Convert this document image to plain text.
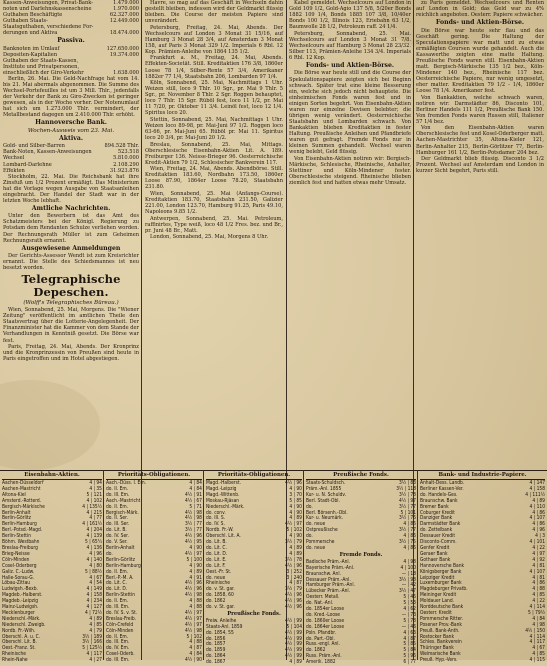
Kassen-Anweisungen, Privat-Bank-	1.479.000
noten und Darlehnskassenscheine	1.970.000
Guthaben Beschäftigte	62.327.000
Guthaben Staats-	12.449.000
Staatsguthaben, verschiedene For-
derungen und Aktiva	18.474.000
Passiva.
Banknoten im Umlauf	127.650.000
Depositen-Kapitalien	19.374.000
Guthaben der Staats-Kassen,
Institute und Privatpersonen,
einschließlich der Giro-Verkehr	1.638.000

Berlin, 26. Mai. Die Geld-Nachfrage hat vom 14. bis 21. Mai abermals abgenommen. Die Summe des Wechsel-Portefeuilles ist um 3 Mill. Thlr., jedenfalls der Verkehr der Bank zu Giro-Zwecken ist geringer gewesen, als in der Woche vorher. Der Notenumlauf hat sich um 1.273.000 Thlr. vermindert, der Metallbestand dagegen um 2.410.000 Thlr. erhöht.

Hannoversche Bank.
Wochen-Ausweis vom 23. Mai.
Aktiva.
Gold- und Silber-Barren	894.528 Thlr.
Bank-Noten, Kassen-Anweisungen	523.518
Wechsel	5.810.000
Lombard-Darlehne	2.108.290
Effekten	31.923.876

Stockholm, 22. Mai. Die Reichsbank hat ihre Zinsfuß um 1/2 Prozent ermäßigt. Das Ministerium hat die Vorlage wegen Ausgabe von Staatsanleihen eingebracht. Der Handel der Stadt war in der letzten Woche lebhaft.

Amtliche Nachrichten.

Unter den Bewerbern ist das Amt des Schatzmeisters bei der Königl. Regierung zu Potsdam dem Rendanten Schulze verliehen worden. Der Rechnungsrath Müller ist zum Geheimen Rechnungsrath ernannt.

Ausgewiesene Anmeldungen

Der Gerichts-Assessor Wendt ist zum Kreisrichter ernannt. Die Stelle des Schiedsmannes ist neu besetzt worden.

Telegraphische Depeschen.
(Wolff's Telegraphisches Büreau.)

Wien, Sonnabend, 25. Mai, Morgens. Die "Wiener Zeitung" veröffentlicht im amtlichen Theile den Staatsvertrag über die Lotterie-Angelegenheit. Der Finanzminister hat die Kammer von dem Stande der Verhandlungen in Kenntniß gesetzt. Die Börse war fest.

Paris, Freitag, 24. Mai, Abends. Der Kronprinz und die Kronprinzessin von Preußen sind heute in Paris eingetroffen und im Hotel abgestiegen.

Havre, so mag auf das Geschäft in Wechseln dahin gestellt bleiben, indessen wird der Geldmarkt flüssig bleiben. Die Course der meisten Papiere sind unverändert.

Petersburg, Freitag, 24. Mai, Abends. Der Wechselcours auf London 3 Monat 31 15/16, auf Hamburg 3 Monat 28 3/4, auf Amsterdam 3 Monat 158, auf Paris 3 Monat 329 1/2. Imperials 6 Rbl. 12 Kop. Prämien-Anleihe von 1864 135 1/2.

Frankfurt a. M., Freitag, 24. Mai, Abends. Effekten-Societät. Still. Kreditaktien 176 3/8, 1860er Loose 78 1/4, Silber-Rente 57 3/4, Amerikaner 1882er 77 1/4, Staatsbahn 206, Lombarden 97 1/4.

Köln, Sonnabend, 25. Mai, Nachmittags 1 Uhr. Weizen still, loco 9 Thlr. 10 Sgr., pr. Mai 9 Thlr. 5 Sgr., pr. November 8 Thlr. 2 Sgr. Roggen behauptet, loco 7 Thlr. 15 Sgr. Rüböl fest, loco 11 1/2, pr. Mai 11 7/20, pr. Oktober 11 3/4. Leinöl fest, loco 12 1/4. Spiritus loco 20.

Stettin, Sonnabend, 25. Mai, Nachmittags 1 Uhr. Weizen loco 89-98, pr. Mai-Juni 97 1/2. Roggen loco 63-66, pr. Mai-Juni 65. Rüböl pr. Mai 11. Spiritus loco 20 3/4, pr. Mai-Juni 20 1/2.

Breslau, Sonnabend, 25. Mai, Mittags. Oberschlesische Eisenbahn-Aktien Lit. A. 189. Freiburger 136. Neisse-Brieger 96. Oesterreichische Kredit-Aktien 79 1/2, Schlesischer Bankverein 117.

Wien, Freitag, 24. Mai, Abends. Abendbörse. Still. Kreditaktien 183.60, Nordbahn 173.50, 1860er Loose 87.90, 1864er Loose 78.20, Staatsbahn 231.80.

Wien, Sonnabend, 25. Mai (Anfangs-Course). Kreditaktien 183.70, Staatsbahn 231.50, Galizier 221.00, London 123.70, Hamburg 91.25, Paris 49.10, Napoleons 9.85 1/2.

Antwerpen, Sonnabend, 25. Mai. Petroleum, raffinirtes, Type weiß, loco 48 1/2 Fres. bez. und Br., pr. Juni 48 Br., Matt.

London, Sonnabend, 25. Mai, Morgens 8 Uhr.

Kabel gemeldet. Wechselcours auf London in Gold 109 1/2, Gold-Agio 137 5/8, 5/20er Bonds 1882 109 1/4, Bonds 1885 107 3/8, 10/40er Bonds 100 1/2, Illinois 123, Eriebahn 63 1/2, Baumwolle 28 1/2, Petroleum raff. 24 1/4.

Petersburg, Sonnabend, 25. Mai. Wechselcours auf London 3 Monat 31 7/8. Wechselcours auf Hamburg 3 Monat 28 23/32. Silber 113, Prämien-Anleihe 134 3/4. Imperials 6 Rbl. 12 Kop.

Fonds- und Aktien-Börse.

Die Börse war heute still und die Course der Spekulationspapiere zeigten sich bei Beginn schwach. Später trat eine kleine Besserung ein, welche sich jedoch nicht behauptete. Die einheimischen Fonds waren fest und in einigen Sorten begehrt. Von Eisenbahn-Aktien waren nur einzelne Devisen belebter; die übrigen wenig verändert. Oesterreichische Staatsbahn und Lombarden schwach. Von Bankaktien blieben Kreditaktien in fester Haltung. Preußische Anleihen und Pfandbriefe waren gut gefragt. Fremde Fonds nur in kleinen Summen gehandelt. Wechsel waren wenig belebt, Geld flüssig.

Von Eisenbahn-Aktien notiren wir: Bergisch-Märkische, Schlesische, Rheinische, Anhalter, Stettiner und Köln-Mindener fester. Oberschlesische steigend. Rheinische blieben ziemlich fest und hatten etwas mehr Umsatz.

zu Paris gemeldet. Wechselcours und Renten auf London in Gold; das Geld war zu 4% reichlich angeboten. Oesterr. Papiere schwächer.

Fonds- und Aktien-Börse.

Die Börse war heute sehr flau und das Geschäft gering. Die Haltung der Speculationspapiere war matt und zu etwas ermäßigten Coursen wurde gehandelt. Auch die Kassawerthe zeigten eine matte Haltung. Preußische Fonds waren still. Eisenbahn-Aktien matt. Bergisch-Märkische 135 1/2 bez., Köln-Mindener 140 bez., Rheinische 117 bez. Oesterreichische Papiere, nur wenig umgesetzt, eher matter. Kreditaktien 79 1/2 - 1/4, 1860er Loose 78 1/4. Amerikaner fest.

Von Bankaktien, welche schwach waren, notiren wir: Darmstädter 86, Disconto 101, Berliner Handels 111 1/2, Preußische Bank 150. Von fremden Fonds waren Russen still, Italiener 57 1/4 bez.

Von den Eisenbahn-Aktien waren Oberschlesische fest und Kosel-Oderberger matt. Aachen-Mastrichter 35, Altona-Kieler 121, Berlin-Anhalter 215, Berlin-Görlitzer 77, Berlin-Hamburger 161 1/2, Berlin-Potsdamer 204 bez.

Der Geldmarkt blieb flüssig. Disconto 3 1/2 Prozent. Wechsel auf Amsterdam und London in kurzer Sicht begehrt, Paris still.

Eisenbahn-Aktien.
Aachen-Düsseldorf	4 | 94
Aachen-Mastricht	4 | 35
Altona-Kiel	5 | 121
Amsterd.-Rotterd.	4 | 102
Bergisch-Märkische	4 | 135½
Berlin-Anhalt	4 | 215
Berlin-Görlitz	4 | 77
Berlin-Hamburg	4 | 161½
Berl.-Potsd.-Magd.	4 | 204
Berlin-Stettin	4 | 139
Böhm. Westbahn	5 | 65¼
Breslau-Freiburg	4 | 136
Brieg-Neisse	4 | 96
Cöln-Minden	4 | 140
Cosel-Oderberg	4 | 80
Galiz. C.-Ludw.	5 | 88½
Halle-Sorau-G.	4 | 67
Löbau-Zittau	4 | 54
Ludwigsh.-Bexb.	4 | 149
Magdeb.-Halberst.	4 | 158
Magdeb.-Leipzig	4 | 234
Mainz-Ludwigsh.	4 | 127
Mecklenburger	4 | 72½
Niederschl.-Märk.	4 | 89
Niederschl. Zweigb.	4 | 85
Nordb. Fr.-Wilh.	4 | 79
Oberschl. A. u. C.	3½ | 189
Oberschl. Lit. B.	3½ | 166
Oest.-Franz. St.	5 | 125½
Rheinische	4 | 117
Rhein-Nahe	4 | 27
Prioritäts-Obligationen.
Aach.-Düss. I. Em.	4 | 84
do. II. Em.	4 | 84
do. III. Em.	4½ | 91
Aach.-Mastricht	4½ | 67
do. II. Em.	5 | 71
Bergisch-Märk.	4½ | 98
do. II. Ser.	4½ | 98
do. III. Ser.	3½ | 77
do. Lit. B.	3½ | 77
do. IV. Ser.	4½ | 96
do. V. Ser.	4½ | 95
Berlin-Anhalt	4 | 90
do.	4½ | 97
Berlin-Görlitz	5 | 100
Berlin-Hamburg	4 | 90
do. II. Em.	4 | 89
Berl.-P.-M. A.	4 | 91
do. Lit. C.	4½ | 96
do. Lit. D.	4½ | 96
Berlin-Stettin	4½ | 98
do. II. Em.	4 | 88
do. III. Em.	4 | 88
do. IV. S. v. St.	4½ | 97
Breslau-Freib.	4½ | 97
Cöln-Crefeld	4½ | 97
Cöln-Minden	4½ | 98
do. II. Em.	5 | 102
do. III. Em.	4 | 88
do. IV. Em.	4 | 87
Cosel-Oderb.	4 | 84
do. III. Em.	4½ | 90
Prioritäts-Obligationen.
Magd.-Halberst.	4½ | 96
Magd.-Leipzig	4 | 90
Magd.-Wittenb.	3 | 70
Moskau-Rjäsan	5 | 85
Niederschl.-Märk.	4 | 90
do. conv.	4 | 90
do. III. S.	4 | 89
do. IV. S.	4½ | 97
Nordb. Fr.-W.	5 | 102
Oberschl. Lit. A.	4 | 90
do. Lit. B.	3½ | 79
do. Lit. C.	4 | 89
do. Lit. D.	4 | 89
do. Lit. E.	3½ | 78
do. Lit. F.	4½ | 96
Oest.-Fr. St.	3 | 252
do. neue	3 | 240
Rheinische	4 | 87
do. v. St. gar.	3½ | 79
do. 1858, 60	4½ | 96
do. 1862	4½ | 96
do. v. St. gar.	4½ | 96
Preußische Fonds.
Freiw. Anleihe	4½ | 99
Staats-Anl. 1859	5 | 104
do. 1854, 55	4½ | 99
do. 1856	4½ | 99
do. 1857	4½ | 99
do. 1859	4½ | 99
do. 1864	4½ | 99
do. 1867	4 | 89
Preußische Fonds.
Staats-Schuldsch.	3½ | 83
Präm.-Anl. 1855	3½ | 118
Kur- u. N. Schuldv.	3½ | 78
Berl. Stadt-Obl.	4½ | 97
do.	3½ | 77
Berl. Börsenh.-Obl.	5 | 101
Kur- u. Neumärk.	3½ | 76
do. neue	4 | 86
Ostpreußische	3½ | 77
do.	4 | 86
Pommersche	3½ | 75
do. neue	4 | 86
Fremde Fonds.
Badische Präm.-Anl.	4 | 98
Bayerische Präm.-Anl.	4 | 100
Braunschw. Anl.	— | 18
Dessauer Präm.-Anl.	3½ | 98
Hamburger Präm.-Anl.	— | 42
Lübecker Präm.-Anl.	3½ | 47
Oesterr. Metall.	5 | 46
do. Nat.-Anl.	5 | 53
do. 1854er Loose	4 | 62
do. Kred.-Loose	— | 73
do. 1860er Loose	5 | 78
do. 1864er Loose	— | 46
Poln. Pfandbr.	4 | 63
do. Part.-Obl.	4 | 87
Russ.-engl. Anl.	5 | 85
do. 1862	5 | 84
Russ. Präm.-Anl.	5 | 96
Amerik. 1882	6 | 77
Bank- und Industrie-Papiere.
Anhalt-Dess. Landb.	4 | 147
Berliner Kassen-Ver.	4 | 158
do. Handels-Ges.	4 | 111½
Braunschw. Bank	4 | 89
Bremer Bank	4 | 110
Coburger Kredit	4 | 86
Danziger Bank	4 | 107
Darmstädter Bank	4 | 86
do. Zettelbank	4 | 96
Dessauer Kredit	4 | 3
Disconto-Comm.	4 | 101
Genfer Kredit	4 | 22
Geraer Bank	4 | 97
Gothaer Bank	4 | 92
Hannoversche Bank	4 | 81
Königsberger Bank	4 | 107
Leipziger Kredit	4 | 81
Luxemburger Bank	4 | 86
Magdeburger Privatb.	4 | 88
Meininger Kredit	4 | 85
Moldauer Land.	4 | 22
Norddeutsche Bank	4 | 114
Oesterr. Kredit	5 | 79½
Pommersche Ritter.	4 | 84
Posener Prov.-Bank	4 | 98
Preuß. Bank-Anth.	4½ | 150
Rostocker Bank	4 | 114
Schles. Bankverein	4 | 117
Thüringer Bank	4 | 67
Weimarische Bank	4 | 85
Preuß. Hyp.-Vers.	4 | 115
